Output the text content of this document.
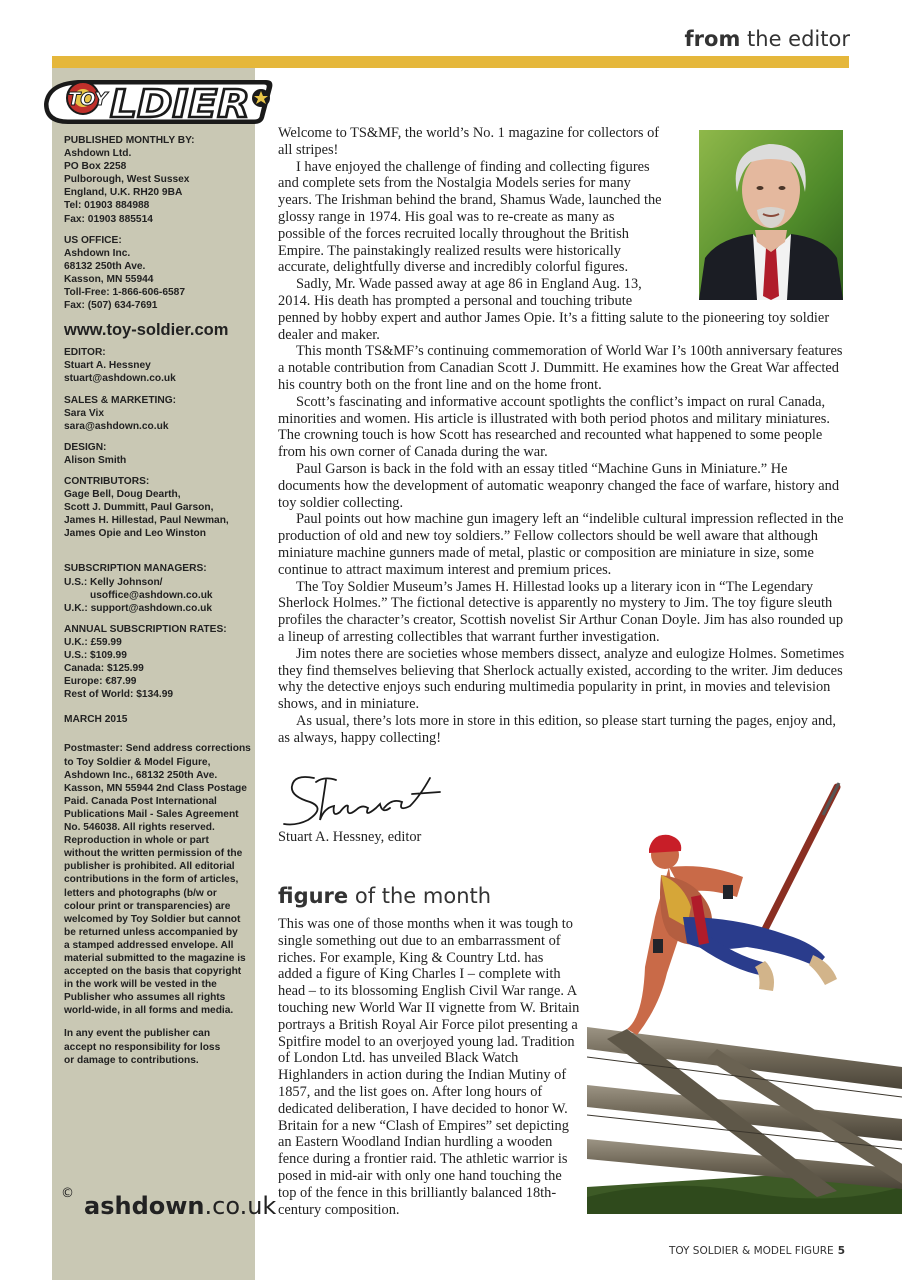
from the editor
TOY LDIER
PUBLISHED MONTHLY BY:
Ashdown Ltd.
PO Box 2258
Pulborough, West Sussex
England, U.K. RH20 9BA
Tel: 01903 884988
Fax: 01903 885514
US OFFICE:
Ashdown Inc.
68132 250th Ave.
Kasson, MN 55944
Toll-Free: 1-866-606-6587
Fax: (507) 634-7691
www.toy-soldier.com
EDITOR:
Stuart A. Hessney
stuart@ashdown.co.uk
SALES & MARKETING:
Sara Vix
sara@ashdown.co.uk
DESIGN:
Alison Smith
CONTRIBUTORS:
Gage Bell, Doug Dearth,
Scott J. Dummitt, Paul Garson,
James H. Hillestad, Paul Newman,
James Opie and Leo Winston
SUBSCRIPTION MANAGERS:
U.S.: Kelly Johnson/
usoffice@ashdown.co.uk
U.K.: support@ashdown.co.uk
ANNUAL SUBSCRIPTION RATES:
U.K.: £59.99
U.S.: $109.99
Canada: $125.99
Europe: €87.99
Rest of World: $134.99
MARCH 2015
Postmaster: Send address corrections
to Toy Soldier & Model Figure,
Ashdown Inc., 68132 250th Ave.
Kasson, MN 55944 2nd Class Postage
Paid. Canada Post International
Publications Mail - Sales Agreement
No. 546038. All rights reserved.
Reproduction in whole or part
without the written permission of the
publisher is prohibited. All editorial
contributions in the form of articles,
letters and photographs (b/w or
colour print or transparencies) are
welcomed by Toy Soldier but cannot
be returned unless accompanied by
a stamped addressed envelope. All
material submitted to the magazine is
accepted on the basis that copyright
in the work will be vested in the
Publisher who assumes all rights
world-wide, in all forms and media.
In any event the publisher can
accept no responsibility for loss
or damage to contributions.
© ashdown.co.uk

Welcome to TS&MF, the world’s No. 1 magazine for collectors of all stripes!

I have enjoyed the challenge of finding and collecting figures and complete sets from the Nostalgia Models series for many years. The Irishman behind the brand, Shamus Wade, launched the glossy range in 1974. His goal was to re-create as many as possible of the forces recruited locally throughout the British Empire. The painstakingly realized results were historically accurate, delightfully diverse and incredibly colorful figures.

Sadly, Mr. Wade passed away at age 86 in England Aug. 13, 2014. His death has prompted a personal and touching tribute

penned by hobby expert and author James Opie. It’s a fitting salute to the pioneering toy soldier dealer and maker.

This month TS&MF’s continuing commemoration of World War I’s 100th anniversary features a notable contribution from Canadian Scott J. Dummitt. He examines how the Great War affected his country both on the front line and on the home front.

Scott’s fascinating and informative account spotlights the conflict’s impact on rural Canada, minorities and women. His article is illustrated with both period photos and military miniatures. The crowning touch is how Scott has researched and recounted what happened to some people from his own corner of Canada during the war.

Paul Garson is back in the fold with an essay titled “Machine Guns in Miniature.” He documents how the development of automatic weaponry changed the face of warfare, history and toy soldier collecting.

Paul points out how machine gun imagery left an “indelible cultural impression reflected in the production of old and new toy soldiers.” Fellow collectors should be well aware that although miniature machine gunners made of metal, plastic or composition are miniature in size, some continue to attract maximum interest and premium prices.

The Toy Soldier Museum’s James H. Hillestad looks up a literary icon in “The Legendary Sherlock Holmes.” The fictional detective is apparently no mystery to Jim. The toy figure sleuth profiles the character’s creator, Scottish novelist Sir Arthur Conan Doyle. Jim has also rounded up a lineup of arresting collectibles that warrant further investigation.

Jim notes there are societies whose members dissect, analyze and eulogize Holmes. Sometimes they find themselves believing that Sherlock actually existed, according to the writer. Jim deduces why the detective enjoys such enduring multimedia popularity in print, in movies and television shows, and in miniature.

As usual, there’s lots more in store in this edition, so please start turning the pages, enjoy and, as always, happy collecting!

Stuart A. Hessney, editor
figure of the month
This was one of those months when it was tough to single something out due to an embarrassment of riches. For example, King & Country Ltd. has added a figure of King Charles I – complete with head – to its blossoming English Civil War range. A touching new World War II vignette from W. Britain portrays a British Royal Air Force pilot presenting a Spitfire model to an overjoyed young lad. Tradition of London Ltd. has unveiled Black Watch Highlanders in action during the Indian Mutiny of 1857, and the list goes on. After long hours of dedicated deliberation, I have decided to honor W. Britain for a new “Clash of Empires” set depicting an Eastern Woodland Indian hurdling a wooden fence during a frontier raid. The athletic warrior is posed in mid-air with only one hand touching the top of the fence in this brilliantly balanced 18th-century composition.
TOY SOLDIER & MODEL FIGURE 5
